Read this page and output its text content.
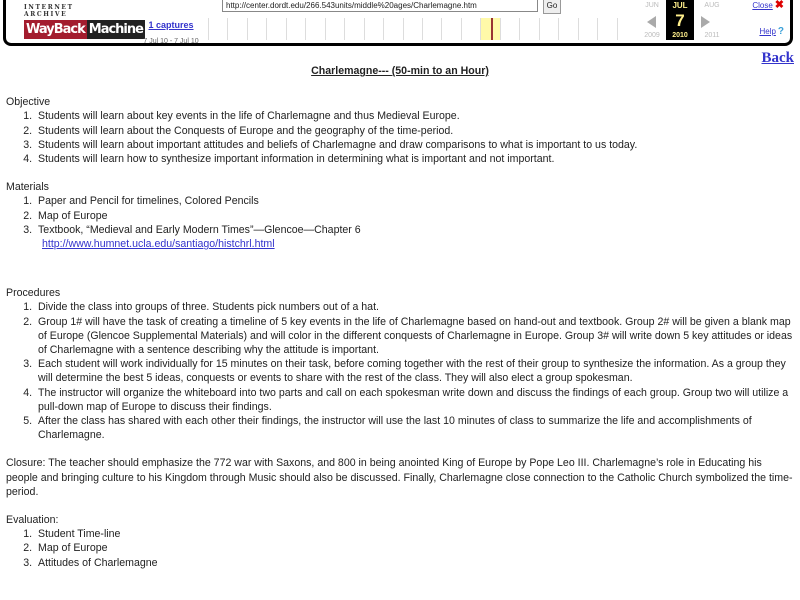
INTERNET ARCHIVE
WayBack Machine 1 captures
7 Jul 10 - 7 Jul 10
http://center.dordt.edu/266.543units/middle%20ages/Charlemagne.htm
Go	JUN
2009
JUL
7
2010
AUG
2011
Close ✖
Help ?
Back
Charlemagne--- (50-min to an Hour)
Objective
1. Students will learn about key events in the life of Charlemagne and thus Medieval Europe.
2. Students will learn about the Conquests of Europe and the geography of the time-period.
3. Students will learn about important attitudes and beliefs of Charlemagne and draw comparisons to what is important to us today.
4. Students will learn how to synthesize important information in determining what is important and not important.
Materials
1. Paper and Pencil for timelines, Colored Pencils
2. Map of Europe
3. Textbook, “Medieval and Early Modern Times”—Glencoe—Chapter 6
http://www.humnet.ucla.edu/santiago/histchrl.html
Procedures
1. Divide the class into groups of three. Students pick numbers out of a hat.
2. Group 1# will have the task of creating a timeline of 5 key events in the life of Charlemagne based on hand-out and textbook. Group 2# will be given a blank map of Europe (Glencoe Supplemental Materials) and will color in the different conquests of Charlemagne in Europe. Group 3# will write down 5 key attitudes or ideas of Charlemagne with a sentence describing why the attitude is important.
3. Each student will work individually for 15 minutes on their task, before coming together with the rest of their group to synthesize the information. As a group they will determine the best 5 ideas, conquests or events to share with the rest of the class. They will also elect a group spokesman.
4. The instructor will organize the whiteboard into two parts and call on each spokesman write down and discuss the findings of each group. Group two will utilize a pull-down map of Europe to discuss their findings.
5. After the class has shared with each other their findings, the instructor will use the last 10 minutes of class to summarize the life and accomplishments of Charlemagne.

Closure: The teacher should emphasize the 772 war with Saxons, and 800 in being anointed King of Europe by Pope Leo III. Charlemagne’s role in Educating his people and bringing culture to his Kingdom through Music should also be discussed. Finally, Charlemagne close connection to the Catholic Church symbolized the time-period.

Evaluation:
1. Student Time-line
2. Map of Europe
3. Attitudes of Charlemagne
